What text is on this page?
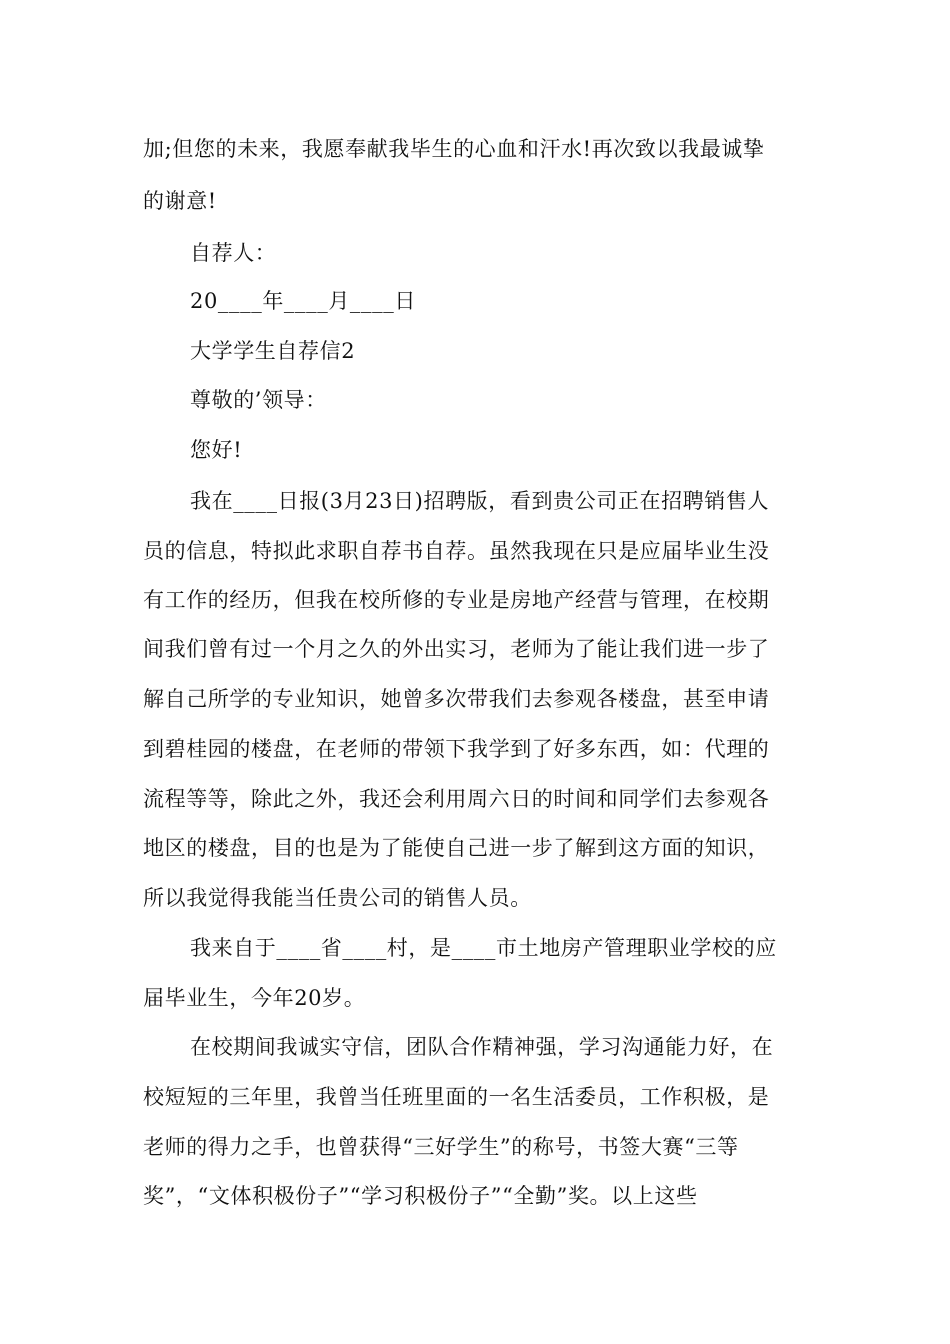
加;但您的未来，我愿奉献我毕生的心血和汗水!再次致以我最诚挚
的谢意!
自荐人：
20____年____月____日
大学学生自荐信2
尊敬的’领导：
您好!
我在____日报(3月23日)招聘版，看到贵公司正在招聘销售人
员的信息，特拟此求职自荐书自荐。虽然我现在只是应届毕业生没
有工作的经历，但我在校所修的专业是房地产经营与管理，在校期
间我们曾有过一个月之久的外出实习，老师为了能让我们进一步了
解自己所学的专业知识，她曾多次带我们去参观各楼盘，甚至申请
到碧桂园的楼盘，在老师的带领下我学到了好多东西，如：代理的
流程等等，除此之外，我还会利用周六日的时间和同学们去参观各
地区的楼盘，目的也是为了能使自己进一步了解到这方面的知识，
所以我觉得我能当任贵公司的销售人员。
我来自于____省____村，是____市土地房产管理职业学校的应
届毕业生，今年20岁。
在校期间我诚实守信，团队合作精神强，学习沟通能力好，在
校短短的三年里，我曾当任班里面的一名生活委员，工作积极，是
老师的得力之手，也曾获得“三好学生”的称号，书签大赛“三等
奖”，“文体积极份子”“学习积极份子”“全勤”奖。以上这些
